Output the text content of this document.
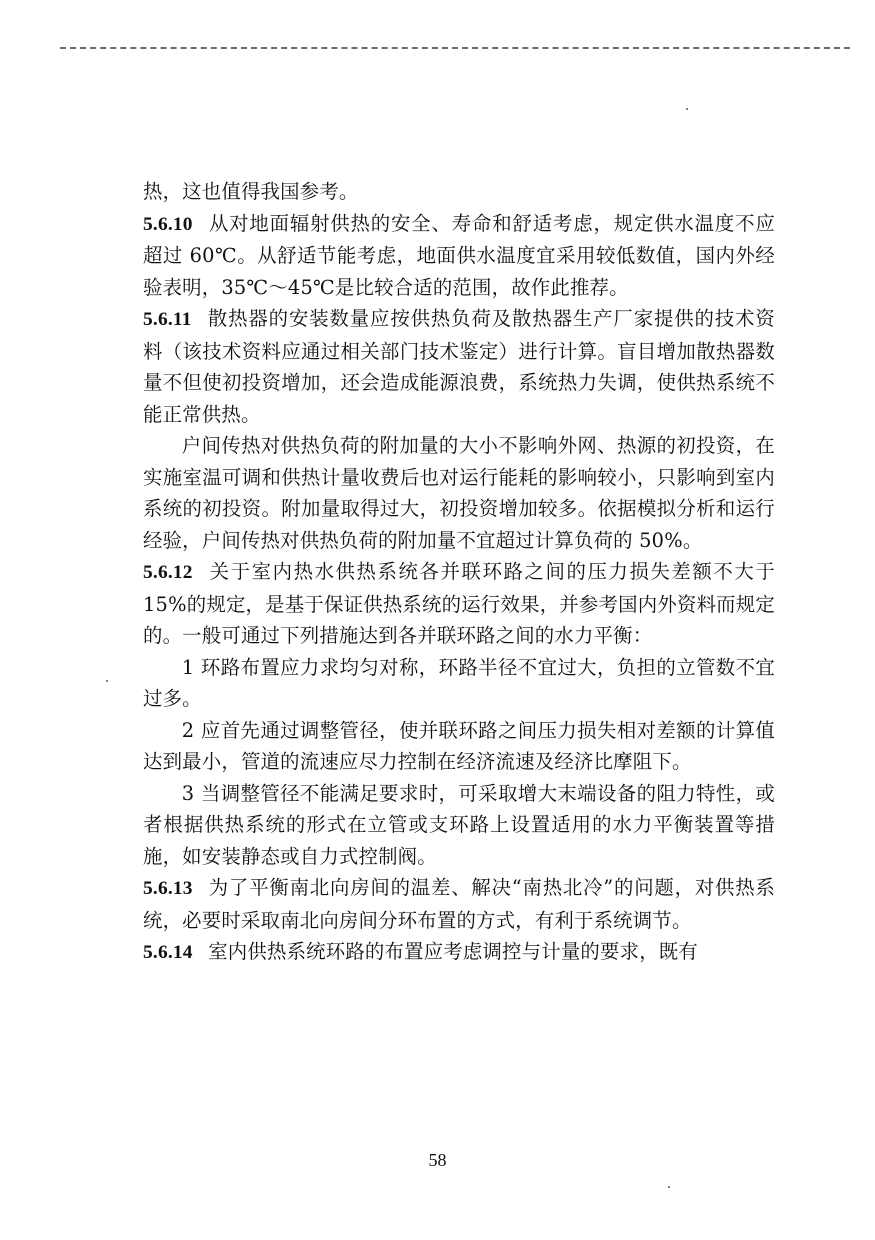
热，这也值得我国参考。

5.6.10 从对地面辐射供热的安全、寿命和舒适考虑，规定供水温度不应超过 60℃。从舒适节能考虑，地面供水温度宜采用较低数值，国内外经验表明，35℃～45℃是比较合适的范围，故作此推荐。

5.6.11 散热器的安装数量应按供热负荷及散热器生产厂家提供的技术资料（该技术资料应通过相关部门技术鉴定）进行计算。盲目增加散热器数量不但使初投资增加，还会造成能源浪费，系统热力失调，使供热系统不能正常供热。

户间传热对供热负荷的附加量的大小不影响外网、热源的初投资，在实施室温可调和供热计量收费后也对运行能耗的影响较小，只影响到室内系统的初投资。附加量取得过大，初投资增加较多。依据模拟分析和运行经验，户间传热对供热负荷的附加量不宜超过计算负荷的 50%。

5.6.12 关于室内热水供热系统各并联环路之间的压力损失差额不大于 15%的规定，是基于保证供热系统的运行效果，并参考国内外资料而规定的。一般可通过下列措施达到各并联环路之间的水力平衡：

1 环路布置应力求均匀对称，环路半径不宜过大，负担的立管数不宜过多。

2 应首先通过调整管径，使并联环路之间压力损失相对差额的计算值达到最小，管道的流速应尽力控制在经济流速及经济比摩阻下。

3 当调整管径不能满足要求时，可采取增大末端设备的阻力特性，或者根据供热系统的形式在立管或支环路上设置适用的水力平衡装置等措施，如安装静态或自力式控制阀。

5.6.13 为了平衡南北向房间的温差、解决“南热北冷”的问题，对供热系统，必要时采取南北向房间分环布置的方式，有利于系统调节。

5.6.14 室内供热系统环路的布置应考虑调控与计量的要求，既有

58
